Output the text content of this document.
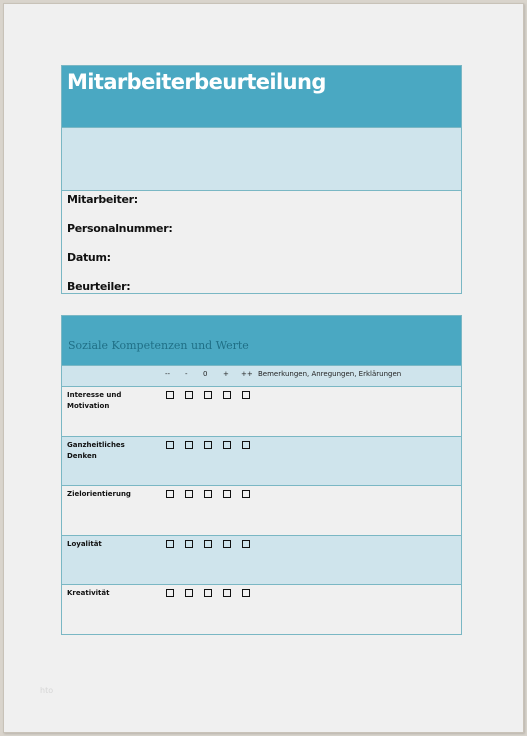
Mitarbeiterbeurteilung
Mitarbeiter:
Personalnummer:
Datum:
Beurteiler:
Soziale Kompetenzen und Werte
-- - 0 + ++ Bemerkungen, Anregungen, Erklärungen
Interesse und Motivation
Ganzheitliches Denken
Zielorientierung
Loyalität
Kreativität
hto
